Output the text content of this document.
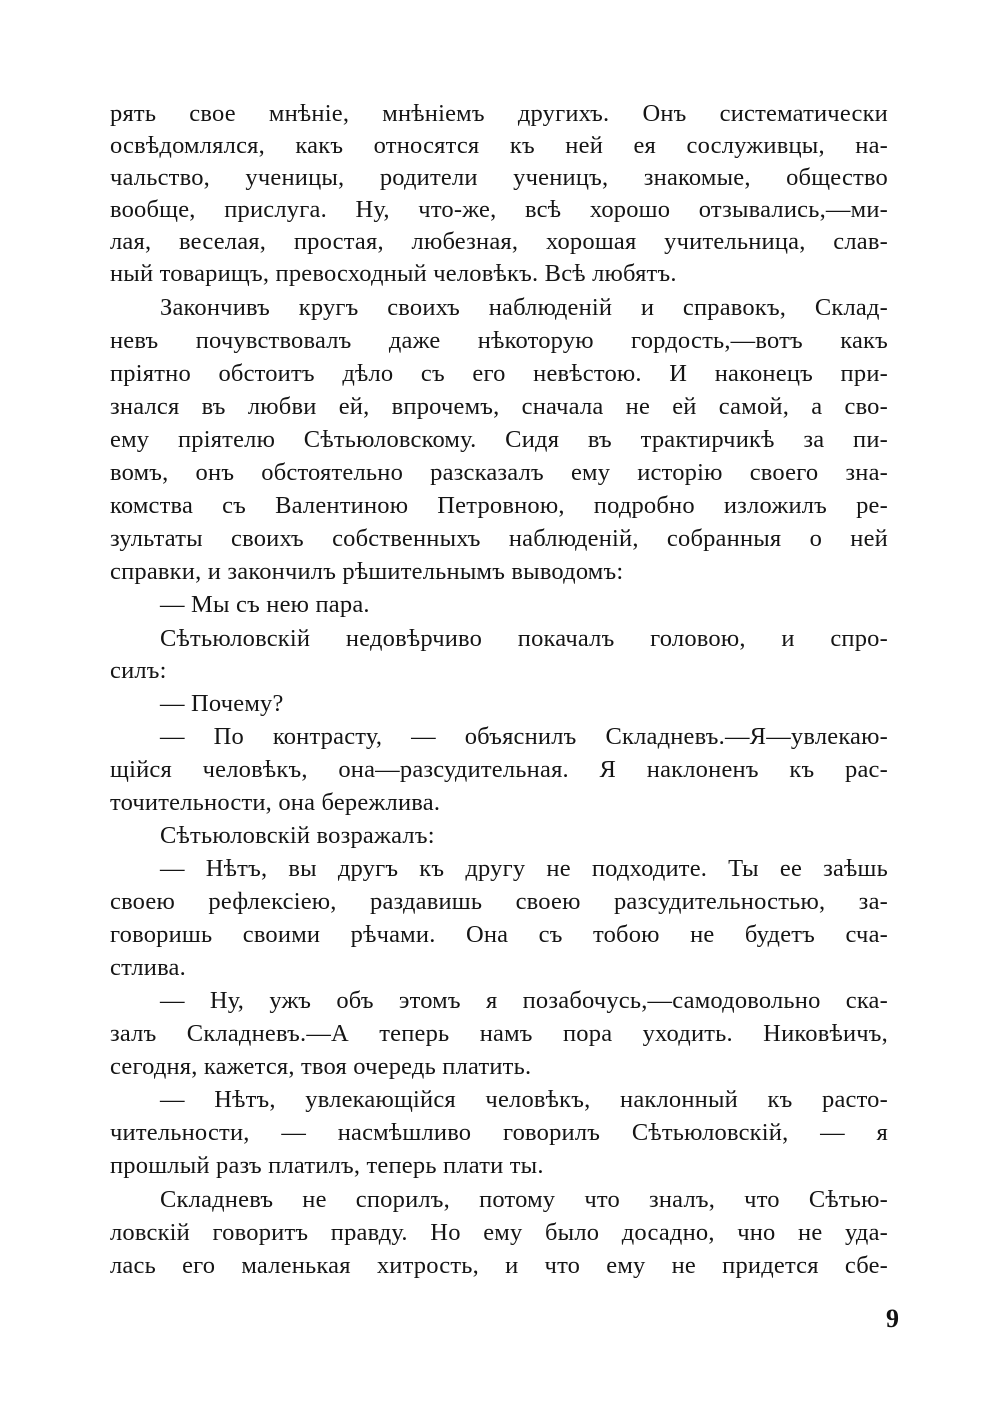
рять свое мнѣніе, мнѣніемъ другихъ. Онъ систематически
освѣдомлялся, какъ относятся къ ней ея сослуживцы, на-
чальство, ученицы, родители ученицъ, знакомые, общество
вообще, прислуга. Ну, что-же, всѣ хорошо отзывались,—ми-
лая, веселая, простая, любезная, хорошая учительница, слав-
ный товарищъ, превосходный человѣкъ. Всѣ любятъ.
Закончивъ кругъ своихъ наблюденій и справокъ, Склад-
невъ почувствовалъ даже нѣкоторую гордость,—вотъ какъ
пріятно обстоитъ дѣло съ его невѣстою. И наконецъ при-
знался въ любви ей, впрочемъ, сначала не ей самой, а сво-
ему пріятелю Сѣтьюловскому. Сидя въ трактирчикѣ за пи-
вомъ, онъ обстоятельно разсказалъ ему исторію своего зна-
комства съ Валентиною Петровною, подробно изложилъ ре-
зультаты своихъ собственныхъ наблюденій, собранныя о ней
справки, и закончилъ рѣшительнымъ выводомъ:
— Мы съ нею пара.
Сѣтьюловскій недовѣрчиво покачалъ головою, и спро-
силъ:
— Почему?
— По контрасту, — объяснилъ Складневъ.—Я—увлекаю-
щійся человѣкъ, она—разсудительная. Я наклоненъ къ рас-
точительности, она бережлива.
Сѣтьюловскій возражалъ:
— Нѣтъ, вы другъ къ другу не подходите. Ты ее заѣшь
своею рефлексіею, раздавишь своею разсудительностью, за-
говоришь своими рѣчами. Она съ тобою не будетъ сча-
стлива.
— Ну, ужъ объ этомъ я позабочусь,—самодовольно ска-
залъ Складневъ.—А теперь намъ пора уходить. Никовѣичъ,
сегодня, кажется, твоя очередь платить.
— Нѣтъ, увлекающійся человѣкъ, наклонный къ расто-
чительности, — насмѣшливо говорилъ Сѣтьюловскій, — я
прошлый разъ платилъ, теперь плати ты.
Складневъ не спорилъ, потому что зналъ, что Сѣтью-
ловскій говоритъ правду. Но ему было досадно, чно не уда-
лась его маленькая хитрость, и что ему не придется сбе-
9
